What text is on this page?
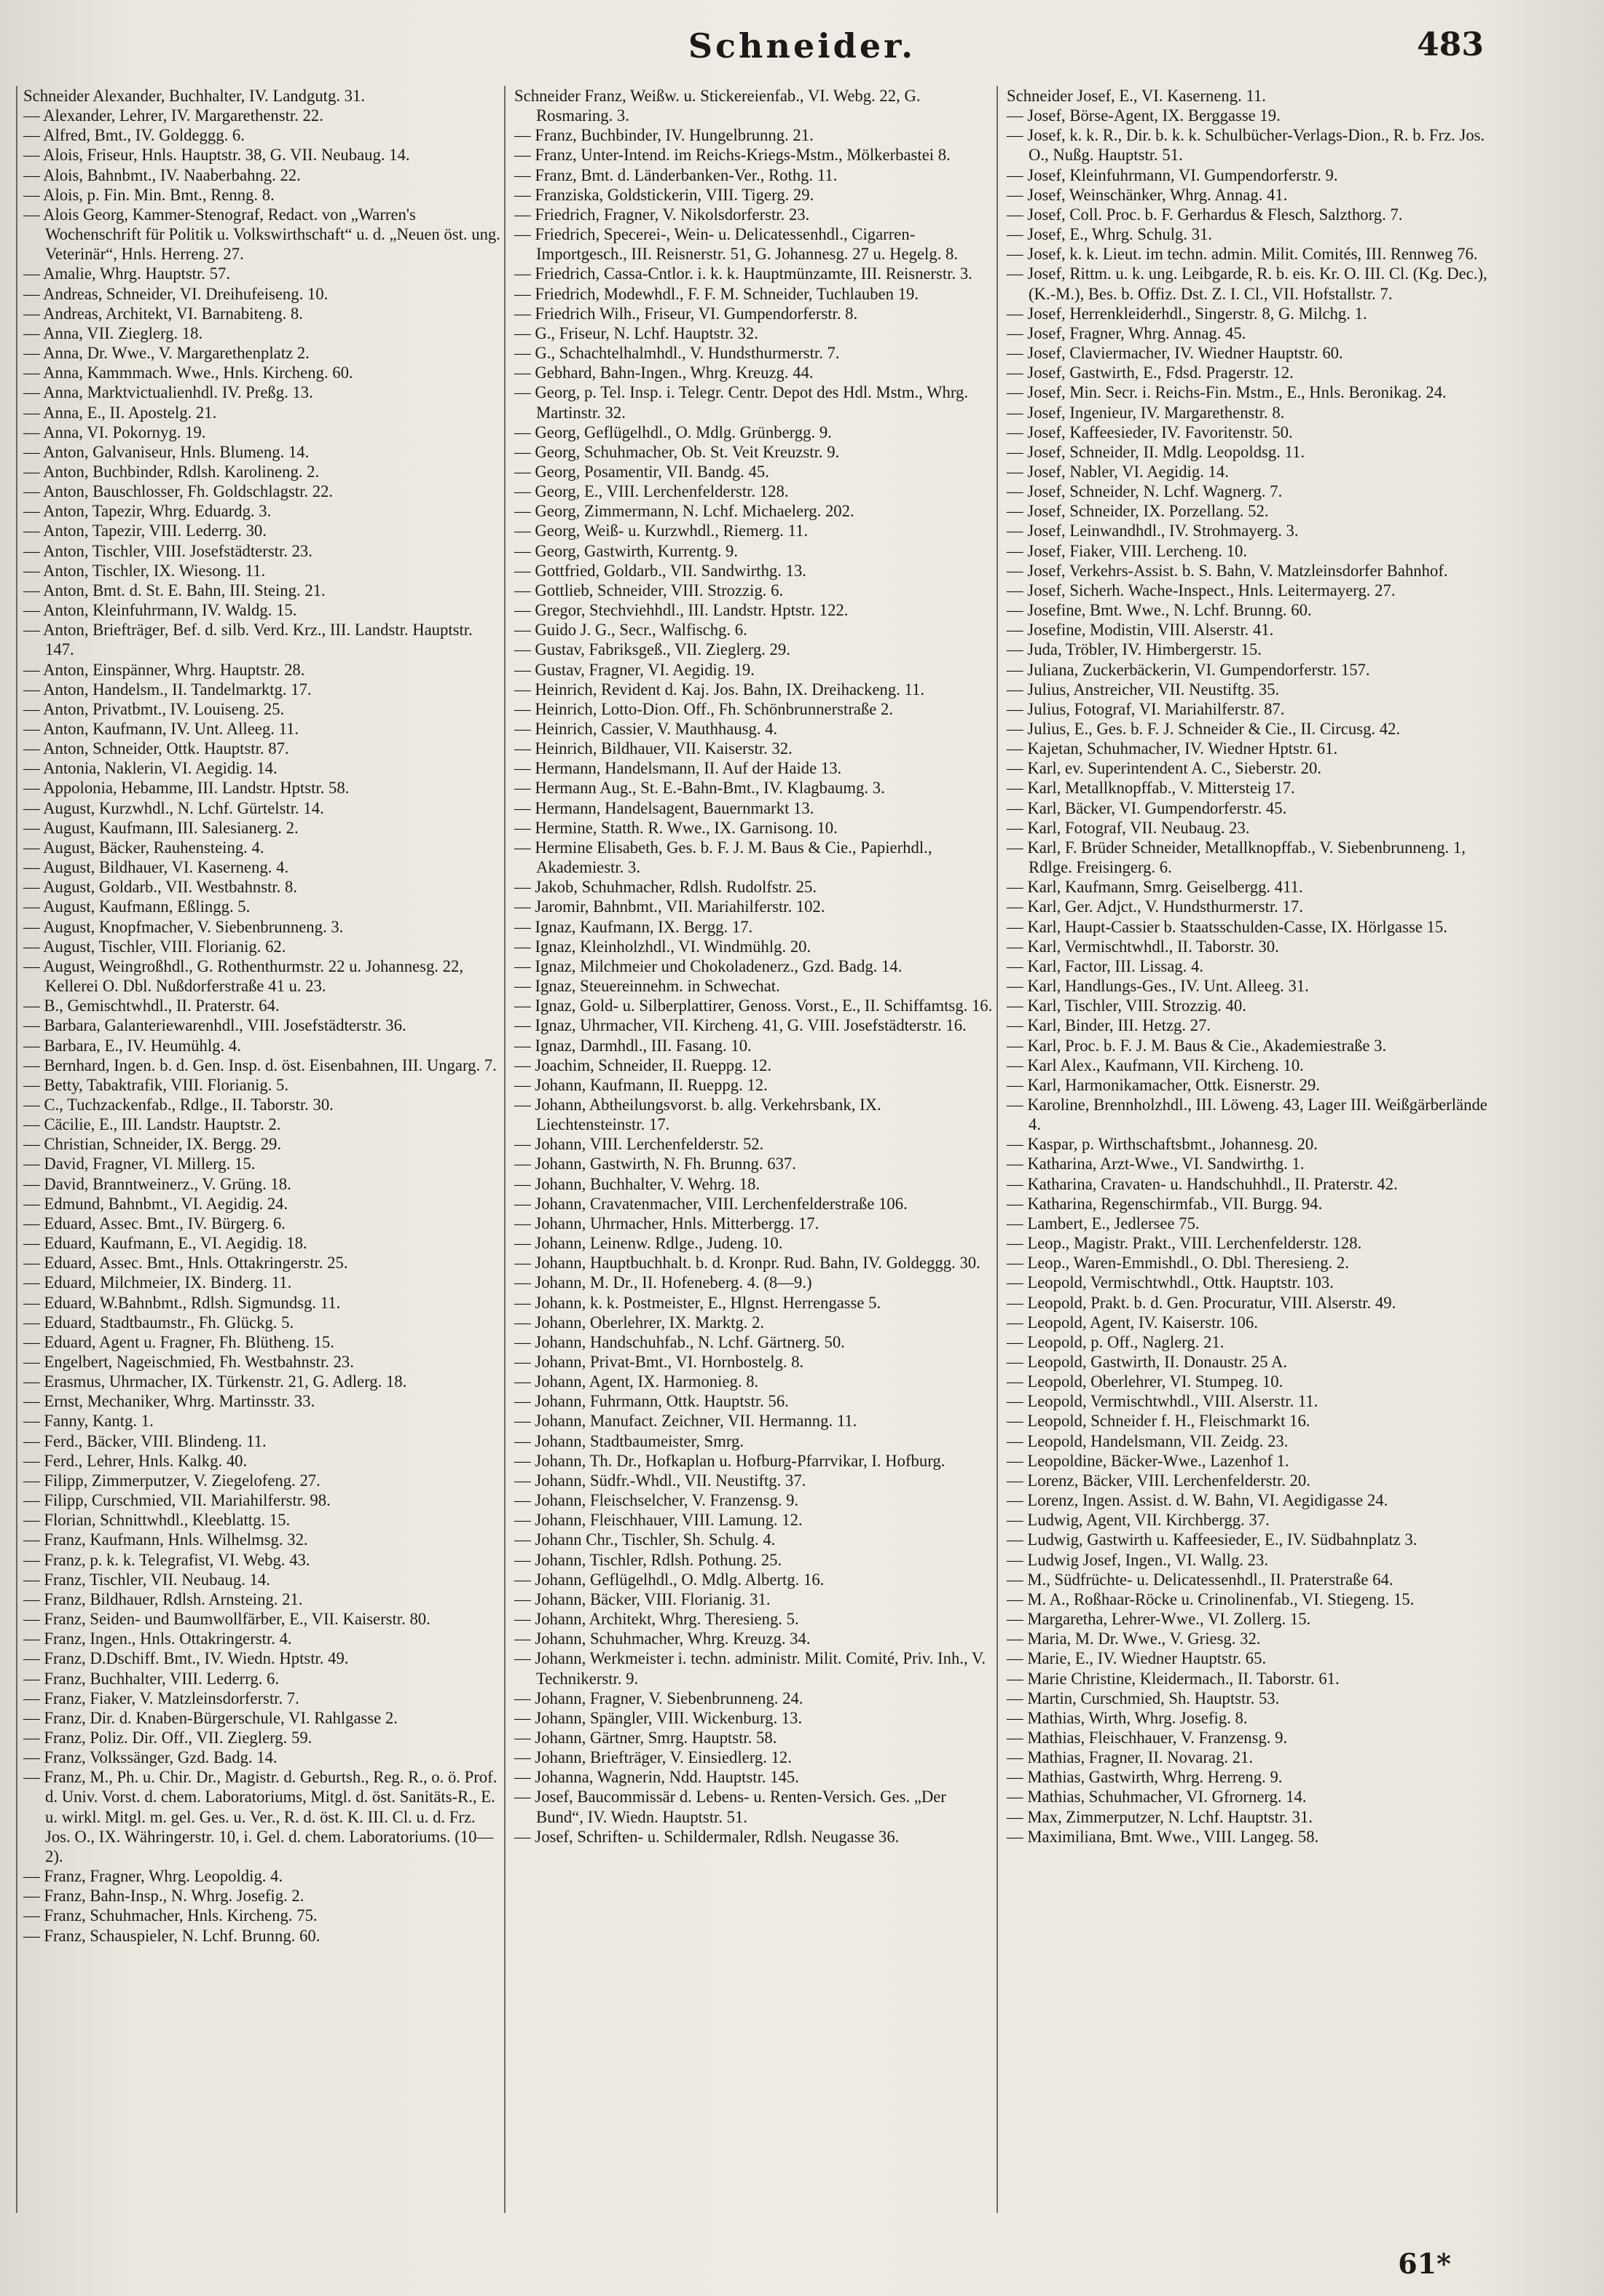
Schneider.	483
Schneider Alexander, Buchhalter, IV. Landgutg. 31.
— Alexander, Lehrer, IV. Margarethenstr. 22.
— Alfred, Bmt., IV. Goldeggg. 6.
— Alois, Friseur, Hnls. Hauptstr. 38, G. VII. Neubaug. 14.
— Alois, Bahnbmt., IV. Naaberbahng. 22.
— Alois, p. Fin. Min. Bmt., Renng. 8.
— Alois Georg, Kammer-Stenograf, Redact. von „Warren's Wochenschrift für Politik u. Volkswirthschaft“ u. d. „Neuen öst. ung. Veterinär“, Hnls. Herreng. 27.
— Amalie, Whrg. Hauptstr. 57.
— Andreas, Schneider, VI. Dreihufeiseng. 10.
— Andreas, Architekt, VI. Barnabiteng. 8.
— Anna, VII. Zieglerg. 18.
— Anna, Dr. Wwe., V. Margarethenplatz 2.
— Anna, Kammmach. Wwe., Hnls. Kircheng. 60.
— Anna, Marktvictualienhdl. IV. Preßg. 13.
— Anna, E., II. Apostelg. 21.
— Anna, VI. Pokornyg. 19.
— Anton, Galvaniseur, Hnls. Blumeng. 14.
— Anton, Buchbinder, Rdlsh. Karolineng. 2.
— Anton, Bauschlosser, Fh. Goldschlagstr. 22.
— Anton, Tapezir, Whrg. Eduardg. 3.
— Anton, Tapezir, VIII. Lederrg. 30.
— Anton, Tischler, VIII. Josefstädterstr. 23.
— Anton, Tischler, IX. Wiesong. 11.
— Anton, Bmt. d. St. E. Bahn, III. Steing. 21.
— Anton, Kleinfuhrmann, IV. Waldg. 15.
— Anton, Briefträger, Bef. d. silb. Verd. Krz., III. Landstr. Hauptstr. 147.
— Anton, Einspänner, Whrg. Hauptstr. 28.
— Anton, Handelsm., II. Tandelmarktg. 17.
— Anton, Privatbmt., IV. Louiseng. 25.
— Anton, Kaufmann, IV. Unt. Alleeg. 11.
— Anton, Schneider, Ottk. Hauptstr. 87.
— Antonia, Naklerin, VI. Aegidig. 14.
— Appolonia, Hebamme, III. Landstr. Hptstr. 58.
— August, Kurzwhdl., N. Lchf. Gürtelstr. 14.
— August, Kaufmann, III. Salesianerg. 2.
— August, Bäcker, Rauhensteing. 4.
— August, Bildhauer, VI. Kaserneng. 4.
— August, Goldarb., VII. Westbahnstr. 8.
— August, Kaufmann, Eßlingg. 5.
— August, Knopfmacher, V. Siebenbrunneng. 3.
— August, Tischler, VIII. Florianig. 62.
— August, Weingroßhdl., G. Rothenthurmstr. 22 u. Johannesg. 22, Kellerei O. Dbl. Nußdorferstraße 41 u. 23.
— B., Gemischtwhdl., II. Praterstr. 64.
— Barbara, Galanteriewarenhdl., VIII. Josefstädterstr. 36.
— Barbara, E., IV. Heumühlg. 4.
— Bernhard, Ingen. b. d. Gen. Insp. d. öst. Eisenbahnen, III. Ungarg. 7.
— Betty, Tabaktrafik, VIII. Florianig. 5.
— C., Tuchzackenfab., Rdlge., II. Taborstr. 30.
— Cäcilie, E., III. Landstr. Hauptstr. 2.
— Christian, Schneider, IX. Bergg. 29.
— David, Fragner, VI. Millerg. 15.
— David, Branntweinerz., V. Grüng. 18.
— Edmund, Bahnbmt., VI. Aegidig. 24.
— Eduard, Assec. Bmt., IV. Bürgerg. 6.
— Eduard, Kaufmann, E., VI. Aegidig. 18.
— Eduard, Assec. Bmt., Hnls. Ottakringerstr. 25.
— Eduard, Milchmeier, IX. Binderg. 11.
— Eduard, W.Bahnbmt., Rdlsh. Sigmundsg. 11.
— Eduard, Stadtbaumstr., Fh. Glückg. 5.
— Eduard, Agent u. Fragner, Fh. Blütheng. 15.
— Engelbert, Nageischmied, Fh. Westbahnstr. 23.
— Erasmus, Uhrmacher, IX. Türkenstr. 21, G. Adlerg. 18.
— Ernst, Mechaniker, Whrg. Martinsstr. 33.
— Fanny, Kantg. 1.
— Ferd., Bäcker, VIII. Blindeng. 11.
— Ferd., Lehrer, Hnls. Kalkg. 40.
— Filipp, Zimmerputzer, V. Ziegelofeng. 27.
— Filipp, Curschmied, VII. Mariahilferstr. 98.
— Florian, Schnittwhdl., Kleeblattg. 15.
— Franz, Kaufmann, Hnls. Wilhelmsg. 32.
— Franz, p. k. k. Telegrafist, VI. Webg. 43.
— Franz, Tischler, VII. Neubaug. 14.
— Franz, Bildhauer, Rdlsh. Arnsteing. 21.
— Franz, Seiden- und Baumwollfärber, E., VII. Kaiserstr. 80.
— Franz, Ingen., Hnls. Ottakringerstr. 4.
— Franz, D.Dschiff. Bmt., IV. Wiedn. Hptstr. 49.
— Franz, Buchhalter, VIII. Lederrg. 6.
— Franz, Fiaker, V. Matzleinsdorferstr. 7.
— Franz, Dir. d. Knaben-Bürgerschule, VI. Rahlgasse 2.
— Franz, Poliz. Dir. Off., VII. Zieglerg. 59.
— Franz, Volkssänger, Gzd. Badg. 14.
— Franz, M., Ph. u. Chir. Dr., Magistr. d. Geburtsh., Reg. R., o. ö. Prof. d. Univ. Vorst. d. chem. Laboratoriums, Mitgl. d. öst. Sanitäts-R., E. u. wirkl. Mitgl. m. gel. Ges. u. Ver., R. d. öst. K. III. Cl. u. d. Frz. Jos. O., IX. Währingerstr. 10, i. Gel. d. chem. Laboratoriums. (10—2).
— Franz, Fragner, Whrg. Leopoldig. 4.
— Franz, Bahn-Insp., N. Whrg. Josefig. 2.
— Franz, Schuhmacher, Hnls. Kircheng. 75.
— Franz, Schauspieler, N. Lchf. Brunng. 60.
Schneider Franz, Weißw. u. Stickereienfab., VI. Webg. 22, G. Rosmaring. 3.
— Franz, Buchbinder, IV. Hungelbrunng. 21.
— Franz, Unter-Intend. im Reichs-Kriegs-Mstm., Mölkerbastei 8.
— Franz, Bmt. d. Länderbanken-Ver., Rothg. 11.
— Franziska, Goldstickerin, VIII. Tigerg. 29.
— Friedrich, Fragner, V. Nikolsdorferstr. 23.
— Friedrich, Specerei-, Wein- u. Delicatessenhdl., Cigarren-Importgesch., III. Reisnerstr. 51, G. Johannesg. 27 u. Hegelg. 8.
— Friedrich, Cassa-Cntlor. i. k. k. Hauptmünzamte, III. Reisnerstr. 3.
— Friedrich, Modewhdl., F. F. M. Schneider, Tuchlauben 19.
— Friedrich Wilh., Friseur, VI. Gumpendorferstr. 8.
— G., Friseur, N. Lchf. Hauptstr. 32.
— G., Schachtelhalmhdl., V. Hundsthurmerstr. 7.
— Gebhard, Bahn-Ingen., Whrg. Kreuzg. 44.
— Georg, p. Tel. Insp. i. Telegr. Centr. Depot des Hdl. Mstm., Whrg. Martinstr. 32.
— Georg, Geflügelhdl., O. Mdlg. Grünbergg. 9.
— Georg, Schuhmacher, Ob. St. Veit Kreuzstr. 9.
— Georg, Posamentir, VII. Bandg. 45.
— Georg, E., VIII. Lerchenfelderstr. 128.
— Georg, Zimmermann, N. Lchf. Michaelerg. 202.
— Georg, Weiß- u. Kurzwhdl., Riemerg. 11.
— Georg, Gastwirth, Kurrentg. 9.
— Gottfried, Goldarb., VII. Sandwirthg. 13.
— Gottlieb, Schneider, VIII. Strozzig. 6.
— Gregor, Stechviehhdl., III. Landstr. Hptstr. 122.
— Guido J. G., Secr., Walfischg. 6.
— Gustav, Fabriksgeß., VII. Zieglerg. 29.
— Gustav, Fragner, VI. Aegidig. 19.
— Heinrich, Revident d. Kaj. Jos. Bahn, IX. Dreihackeng. 11.
— Heinrich, Lotto-Dion. Off., Fh. Schönbrunnerstraße 2.
— Heinrich, Cassier, V. Mauthhausg. 4.
— Heinrich, Bildhauer, VII. Kaiserstr. 32.
— Hermann, Handelsmann, II. Auf der Haide 13.
— Hermann Aug., St. E.-Bahn-Bmt., IV. Klagbaumg. 3.
— Hermann, Handelsagent, Bauernmarkt 13.
— Hermine, Statth. R. Wwe., IX. Garnisong. 10.
— Hermine Elisabeth, Ges. b. F. J. M. Baus & Cie., Papierhdl., Akademiestr. 3.
— Jakob, Schuhmacher, Rdlsh. Rudolfstr. 25.
— Jaromir, Bahnbmt., VII. Mariahilferstr. 102.
— Ignaz, Kaufmann, IX. Bergg. 17.
— Ignaz, Kleinholzhdl., VI. Windmühlg. 20.
— Ignaz, Milchmeier und Chokoladenerz., Gzd. Badg. 14.
— Ignaz, Steuereinnehm. in Schwechat.
— Ignaz, Gold- u. Silberplattirer, Genoss. Vorst., E., II. Schiffamtsg. 16.
— Ignaz, Uhrmacher, VII. Kircheng. 41, G. VIII. Josefstädterstr. 16.
— Ignaz, Darmhdl., III. Fasang. 10.
— Joachim, Schneider, II. Rueppg. 12.
— Johann, Kaufmann, II. Rueppg. 12.
— Johann, Abtheilungsvorst. b. allg. Verkehrsbank, IX. Liechtensteinstr. 17.
— Johann, VIII. Lerchenfelderstr. 52.
— Johann, Gastwirth, N. Fh. Brunng. 637.
— Johann, Buchhalter, V. Wehrg. 18.
— Johann, Cravatenmacher, VIII. Lerchenfelderstraße 106.
— Johann, Uhrmacher, Hnls. Mitterbergg. 17.
— Johann, Leinenw. Rdlge., Judeng. 10.
— Johann, Hauptbuchhalt. b. d. Kronpr. Rud. Bahn, IV. Goldeggg. 30.
— Johann, M. Dr., II. Hofeneberg. 4. (8—9.)
— Johann, k. k. Postmeister, E., Hlgnst. Herrengasse 5.
— Johann, Oberlehrer, IX. Marktg. 2.
— Johann, Handschuhfab., N. Lchf. Gärtnerg. 50.
— Johann, Privat-Bmt., VI. Hornbostelg. 8.
— Johann, Agent, IX. Harmonieg. 8.
— Johann, Fuhrmann, Ottk. Hauptstr. 56.
— Johann, Manufact. Zeichner, VII. Hermanng. 11.
— Johann, Stadtbaumeister, Smrg.
— Johann, Th. Dr., Hofkaplan u. Hofburg-Pfarrvikar, I. Hofburg.
— Johann, Südfr.-Whdl., VII. Neustiftg. 37.
— Johann, Fleischselcher, V. Franzensg. 9.
— Johann, Fleischhauer, VIII. Lamung. 12.
— Johann Chr., Tischler, Sh. Schulg. 4.
— Johann, Tischler, Rdlsh. Pothung. 25.
— Johann, Geflügelhdl., O. Mdlg. Albertg. 16.
— Johann, Bäcker, VIII. Florianig. 31.
— Johann, Architekt, Whrg. Theresieng. 5.
— Johann, Schuhmacher, Whrg. Kreuzg. 34.
— Johann, Werkmeister i. techn. administr. Milit. Comité, Priv. Inh., V. Technikerstr. 9.
— Johann, Fragner, V. Siebenbrunneng. 24.
— Johann, Spängler, VIII. Wickenburg. 13.
— Johann, Gärtner, Smrg. Hauptstr. 58.
— Johann, Briefträger, V. Einsiedlerg. 12.
— Johanna, Wagnerin, Ndd. Hauptstr. 145.
— Josef, Baucommissär d. Lebens- u. Renten-Versich. Ges. „Der Bund“, IV. Wiedn. Hauptstr. 51.
— Josef, Schriften- u. Schildermaler, Rdlsh. Neugasse 36.
Schneider Josef, E., VI. Kaserneng. 11.
— Josef, Börse-Agent, IX. Berggasse 19.
— Josef, k. k. R., Dir. b. k. k. Schulbücher-Verlags-Dion., R. b. Frz. Jos. O., Nußg. Hauptstr. 51.
— Josef, Kleinfuhrmann, VI. Gumpendorferstr. 9.
— Josef, Weinschänker, Whrg. Annag. 41.
— Josef, Coll. Proc. b. F. Gerhardus & Flesch, Salzthorg. 7.
— Josef, E., Whrg. Schulg. 31.
— Josef, k. k. Lieut. im techn. admin. Milit. Comités, III. Rennweg 76.
— Josef, Rittm. u. k. ung. Leibgarde, R. b. eis. Kr. O. III. Cl. (Kg. Dec.), (K.-M.), Bes. b. Offiz. Dst. Z. I. Cl., VII. Hofstallstr. 7.
— Josef, Herrenkleiderhdl., Singerstr. 8, G. Milchg. 1.
— Josef, Fragner, Whrg. Annag. 45.
— Josef, Claviermacher, IV. Wiedner Hauptstr. 60.
— Josef, Gastwirth, E., Fdsd. Pragerstr. 12.
— Josef, Min. Secr. i. Reichs-Fin. Mstm., E., Hnls. Beronikag. 24.
— Josef, Ingenieur, IV. Margarethenstr. 8.
— Josef, Kaffeesieder, IV. Favoritenstr. 50.
— Josef, Schneider, II. Mdlg. Leopoldsg. 11.
— Josef, Nabler, VI. Aegidig. 14.
— Josef, Schneider, N. Lchf. Wagnerg. 7.
— Josef, Schneider, IX. Porzellang. 52.
— Josef, Leinwandhdl., IV. Strohmayerg. 3.
— Josef, Fiaker, VIII. Lercheng. 10.
— Josef, Verkehrs-Assist. b. S. Bahn, V. Matzleinsdorfer Bahnhof.
— Josef, Sicherh. Wache-Inspect., Hnls. Leitermayerg. 27.
— Josefine, Bmt. Wwe., N. Lchf. Brunng. 60.
— Josefine, Modistin, VIII. Alserstr. 41.
— Juda, Tröbler, IV. Himbergerstr. 15.
— Juliana, Zuckerbäckerin, VI. Gumpendorferstr. 157.
— Julius, Anstreicher, VII. Neustiftg. 35.
— Julius, Fotograf, VI. Mariahilferstr. 87.
— Julius, E., Ges. b. F. J. Schneider & Cie., II. Circusg. 42.
— Kajetan, Schuhmacher, IV. Wiedner Hptstr. 61.
— Karl, ev. Superintendent A. C., Sieberstr. 20.
— Karl, Metallknopffab., V. Mittersteig 17.
— Karl, Bäcker, VI. Gumpendorferstr. 45.
— Karl, Fotograf, VII. Neubaug. 23.
— Karl, F. Brüder Schneider, Metallknopffab., V. Siebenbrunneng. 1, Rdlge. Freisingerg. 6.
— Karl, Kaufmann, Smrg. Geiselbergg. 411.
— Karl, Ger. Adjct., V. Hundsthurmerstr. 17.
— Karl, Haupt-Cassier b. Staatsschulden-Casse, IX. Hörlgasse 15.
— Karl, Vermischtwhdl., II. Taborstr. 30.
— Karl, Factor, III. Lissag. 4.
— Karl, Handlungs-Ges., IV. Unt. Alleeg. 31.
— Karl, Tischler, VIII. Strozzig. 40.
— Karl, Binder, III. Hetzg. 27.
— Karl, Proc. b. F. J. M. Baus & Cie., Akademiestraße 3.
— Karl Alex., Kaufmann, VII. Kircheng. 10.
— Karl, Harmonikamacher, Ottk. Eisnerstr. 29.
— Karoline, Brennholzhdl., III. Löweng. 43, Lager III. Weißgärberlände 4.
— Kaspar, p. Wirthschaftsbmt., Johannesg. 20.
— Katharina, Arzt-Wwe., VI. Sandwirthg. 1.
— Katharina, Cravaten- u. Handschuhhdl., II. Praterstr. 42.
— Katharina, Regenschirmfab., VII. Burgg. 94.
— Lambert, E., Jedlersee 75.
— Leop., Magistr. Prakt., VIII. Lerchenfelderstr. 128.
— Leop., Waren-Emmishdl., O. Dbl. Theresieng. 2.
— Leopold, Vermischtwhdl., Ottk. Hauptstr. 103.
— Leopold, Prakt. b. d. Gen. Procuratur, VIII. Alserstr. 49.
— Leopold, Agent, IV. Kaiserstr. 106.
— Leopold, p. Off., Naglerg. 21.
— Leopold, Gastwirth, II. Donaustr. 25 A.
— Leopold, Oberlehrer, VI. Stumpeg. 10.
— Leopold, Vermischtwhdl., VIII. Alserstr. 11.
— Leopold, Schneider f. H., Fleischmarkt 16.
— Leopold, Handelsmann, VII. Zeidg. 23.
— Leopoldine, Bäcker-Wwe., Lazenhof 1.
— Lorenz, Bäcker, VIII. Lerchenfelderstr. 20.
— Lorenz, Ingen. Assist. d. W. Bahn, VI. Aegidigasse 24.
— Ludwig, Agent, VII. Kirchbergg. 37.
— Ludwig, Gastwirth u. Kaffeesieder, E., IV. Südbahnplatz 3.
— Ludwig Josef, Ingen., VI. Wallg. 23.
— M., Südfrüchte- u. Delicatessenhdl., II. Praterstraße 64.
— M. A., Roßhaar-Röcke u. Crinolinenfab., VI. Stiegeng. 15.
— Margaretha, Lehrer-Wwe., VI. Zollerg. 15.
— Maria, M. Dr. Wwe., V. Griesg. 32.
— Marie, E., IV. Wiedner Hauptstr. 65.
— Marie Christine, Kleidermach., II. Taborstr. 61.
— Martin, Curschmied, Sh. Hauptstr. 53.
— Mathias, Wirth, Whrg. Josefig. 8.
— Mathias, Fleischhauer, V. Franzensg. 9.
— Mathias, Fragner, II. Novarag. 21.
— Mathias, Gastwirth, Whrg. Herreng. 9.
— Mathias, Schuhmacher, VI. Gfrornerg. 14.
— Max, Zimmerputzer, N. Lchf. Hauptstr. 31.
— Maximiliana, Bmt. Wwe., VIII. Langeg. 58.
61*
